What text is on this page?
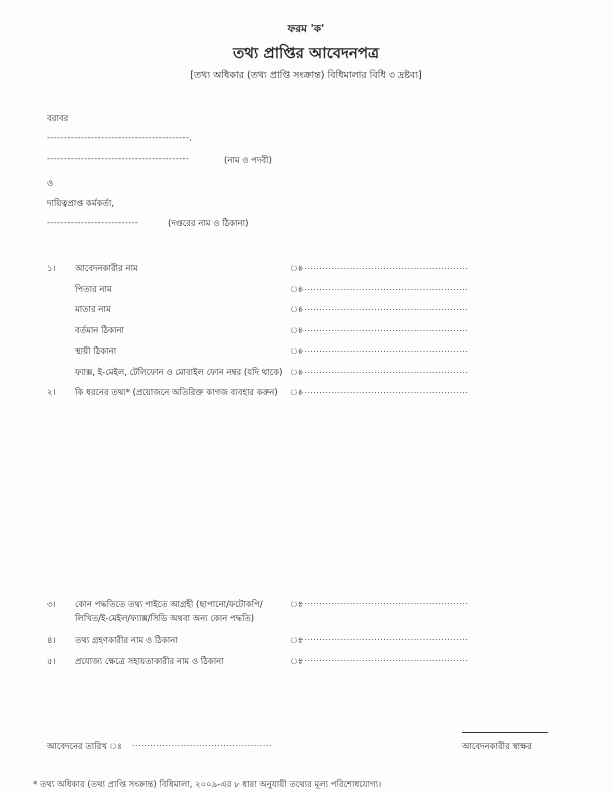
ফরম 'ক'
তথ্য প্রাপ্তির আবেদনপত্র
[তথ্য অধিকার (তথ্য প্রাপ্তি সংক্রান্ত) বিধিমালার বিধি ৩ দ্রষ্টব্য]
বরাবর
------------------------------------------,
------------------------------------------	(নাম ও পদবী)
ও
দায়িত্বপ্রাপ্ত কর্মকর্তা,
---------------------------	(দপ্তরের নাম ও ঠিকানা)
১। আবেদনকারীর নাম	ঃ
........................................................
পিতার নাম	ঃ
........................................................
মাতার নাম	ঃ
........................................................
বর্তমান ঠিকানা	ঃ
........................................................
স্থায়ী ঠিকানা	ঃ
........................................................
ফ্যাক্স, ই-মেইল, টেলিফোন ও মোবাইল ফোন নম্বর (যদি থাকে) ঃ
........................................................
২। কি ধরনের তথ্য* (প্রয়োজনে অতিরিক্ত কাগজ ব্যবহার করুন) ঃ
........................................................
৩। কোন পদ্ধতিতে তথ্য পাইতে আগ্রহী (ছাপানো/ফটোকপি/
লিখিত/ই-মেইল/ফ্যাক্স/সিডি অথবা অন্য কোন পদ্ধতি)
ঃ
........................................................
৪। তথ্য গ্রহণকারীর নাম ও ঠিকানা	ঃ
........................................................
৫। প্রযোজ্য ক্ষেত্রে সহায়তাকারীর নাম ও ঠিকানা	ঃ
........................................................
আবেদনের তারিখ ঃ ..............................................	আবেদনকারীর স্বাক্ষর
* তথ্য অধিকার (তথ্য প্রাপ্তি সংক্রান্ত) বিধিমালা, ২০০৯-এর ৮ ধারা অনুযায়ী তথ্যের মূল্য পরিশোধযোগ্য।
